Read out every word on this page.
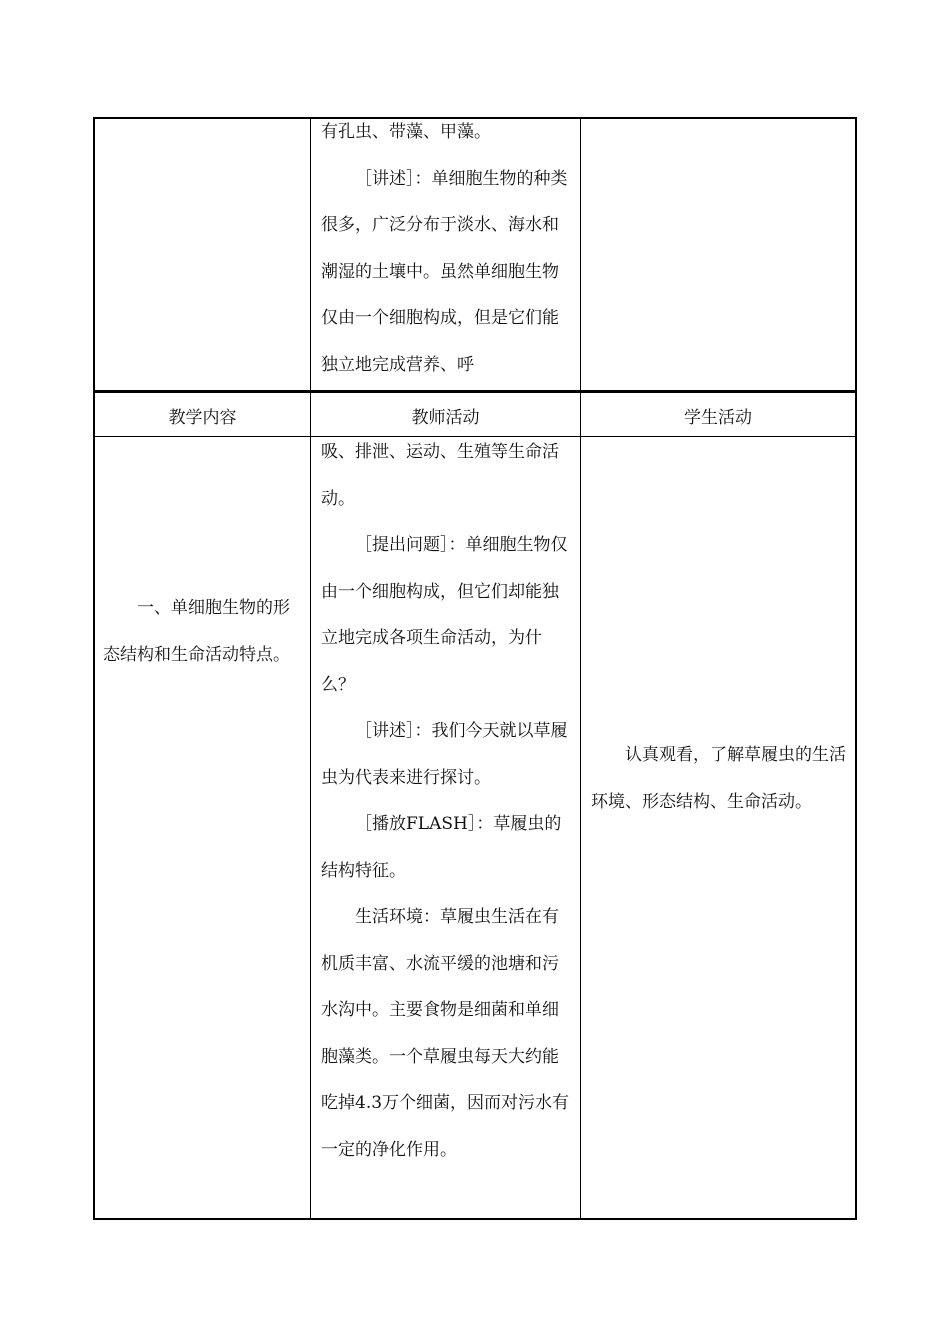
有孔虫、带藻、甲藻。

［讲述］：单细胞生物的种类很多，广泛分布于淡水、海水和潮湿的土壤中。虽然单细胞生物仅由一个细胞构成，但是它们能独立地完成营养、呼

教学内容	教师活动	学生活动

一、单细胞生物的形态结构和生命活动特点。

吸、排泄、运动、生殖等生命活动。

［提出问题］：单细胞生物仅由一个细胞构成，但它们却能独立地完成各项生命活动，为什么？

［讲述］：我们今天就以草履虫为代表来进行探讨。

［播放FLASH］：草履虫的结构特征。

生活环境：草履虫生活在有机质丰富、水流平缓的池塘和污水沟中。主要食物是细菌和单细胞藻类。一个草履虫每天大约能吃掉4.3万个细菌，因而对污水有一定的净化作用。

认真观看，了解草履虫的生活环境、形态结构、生命活动。
